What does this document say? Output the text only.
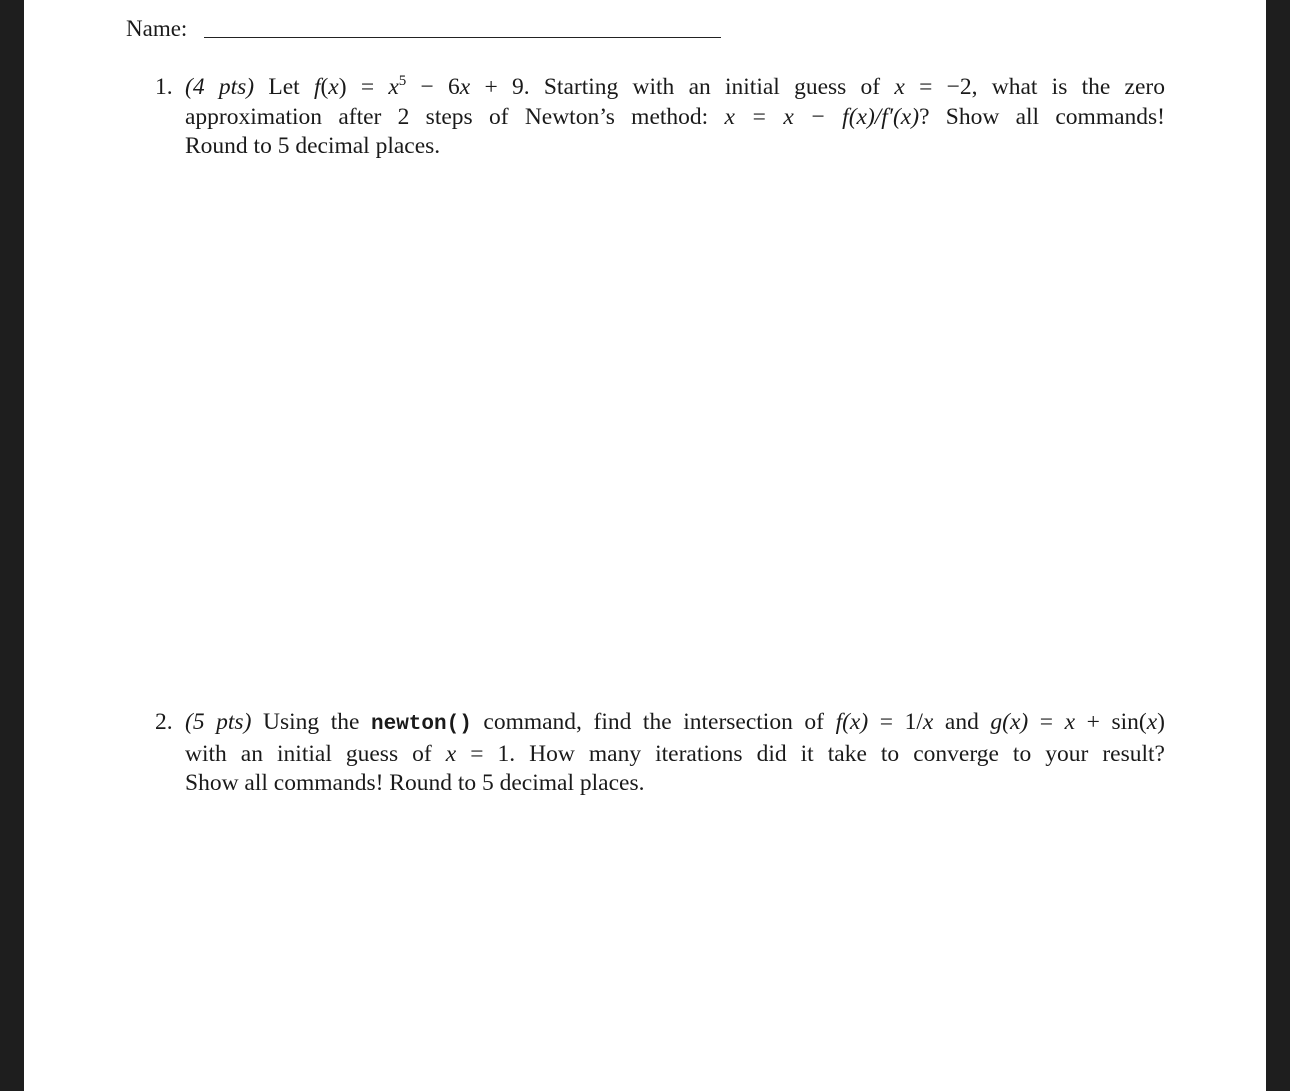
Name:
1. (4 pts) Let $f(x) = x^5 - 6x + 9$. Starting with an initial guess of x = −2, what is the zero
approximation after 2 steps of Newton’s method: x = x − f(x)/f′(x)? Show all commands!
Round to 5 decimal places.
2. (5 pts) Using the newton() command, find the intersection of f(x) = 1/x and g(x) = x + sin(x)
with an initial guess of x = 1. How many iterations did it take to converge to your result?
Show all commands! Round to 5 decimal places.
